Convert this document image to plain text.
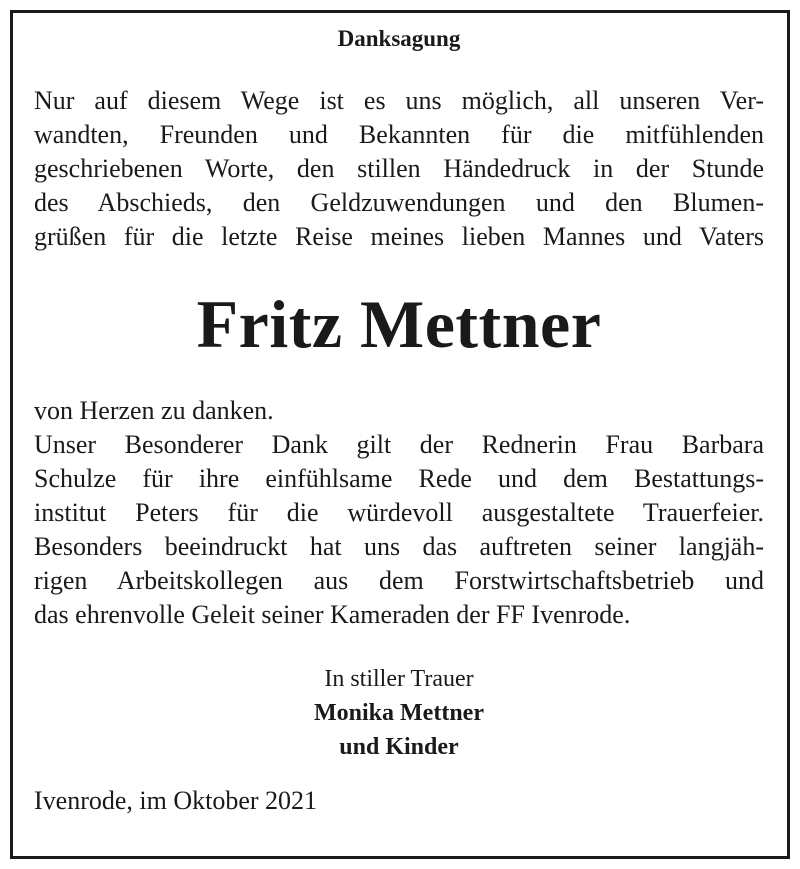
Danksagung
Nur auf diesem Wege ist es uns möglich, all unseren Ver-
wandten, Freunden und Bekannten für die mitfühlenden
geschriebenen Worte, den stillen Händedruck in der Stunde
des Abschieds, den Geldzuwendungen und den Blumen-
grüßen für die letzte Reise meines lieben Mannes und Vaters
Fritz Mettner
von Herzen zu danken.
Unser Besonderer Dank gilt der Rednerin Frau Barbara
Schulze für ihre einfühlsame Rede und dem Bestattungs-
institut Peters für die würdevoll ausgestaltete Trauerfeier.
Besonders beeindruckt hat uns das auftreten seiner langjäh-
rigen Arbeitskollegen aus dem Forstwirtschaftsbetrieb und
das ehrenvolle Geleit seiner Kameraden der FF Ivenrode.
In stiller Trauer
Monika Mettner
und Kinder
Ivenrode, im Oktober 2021
